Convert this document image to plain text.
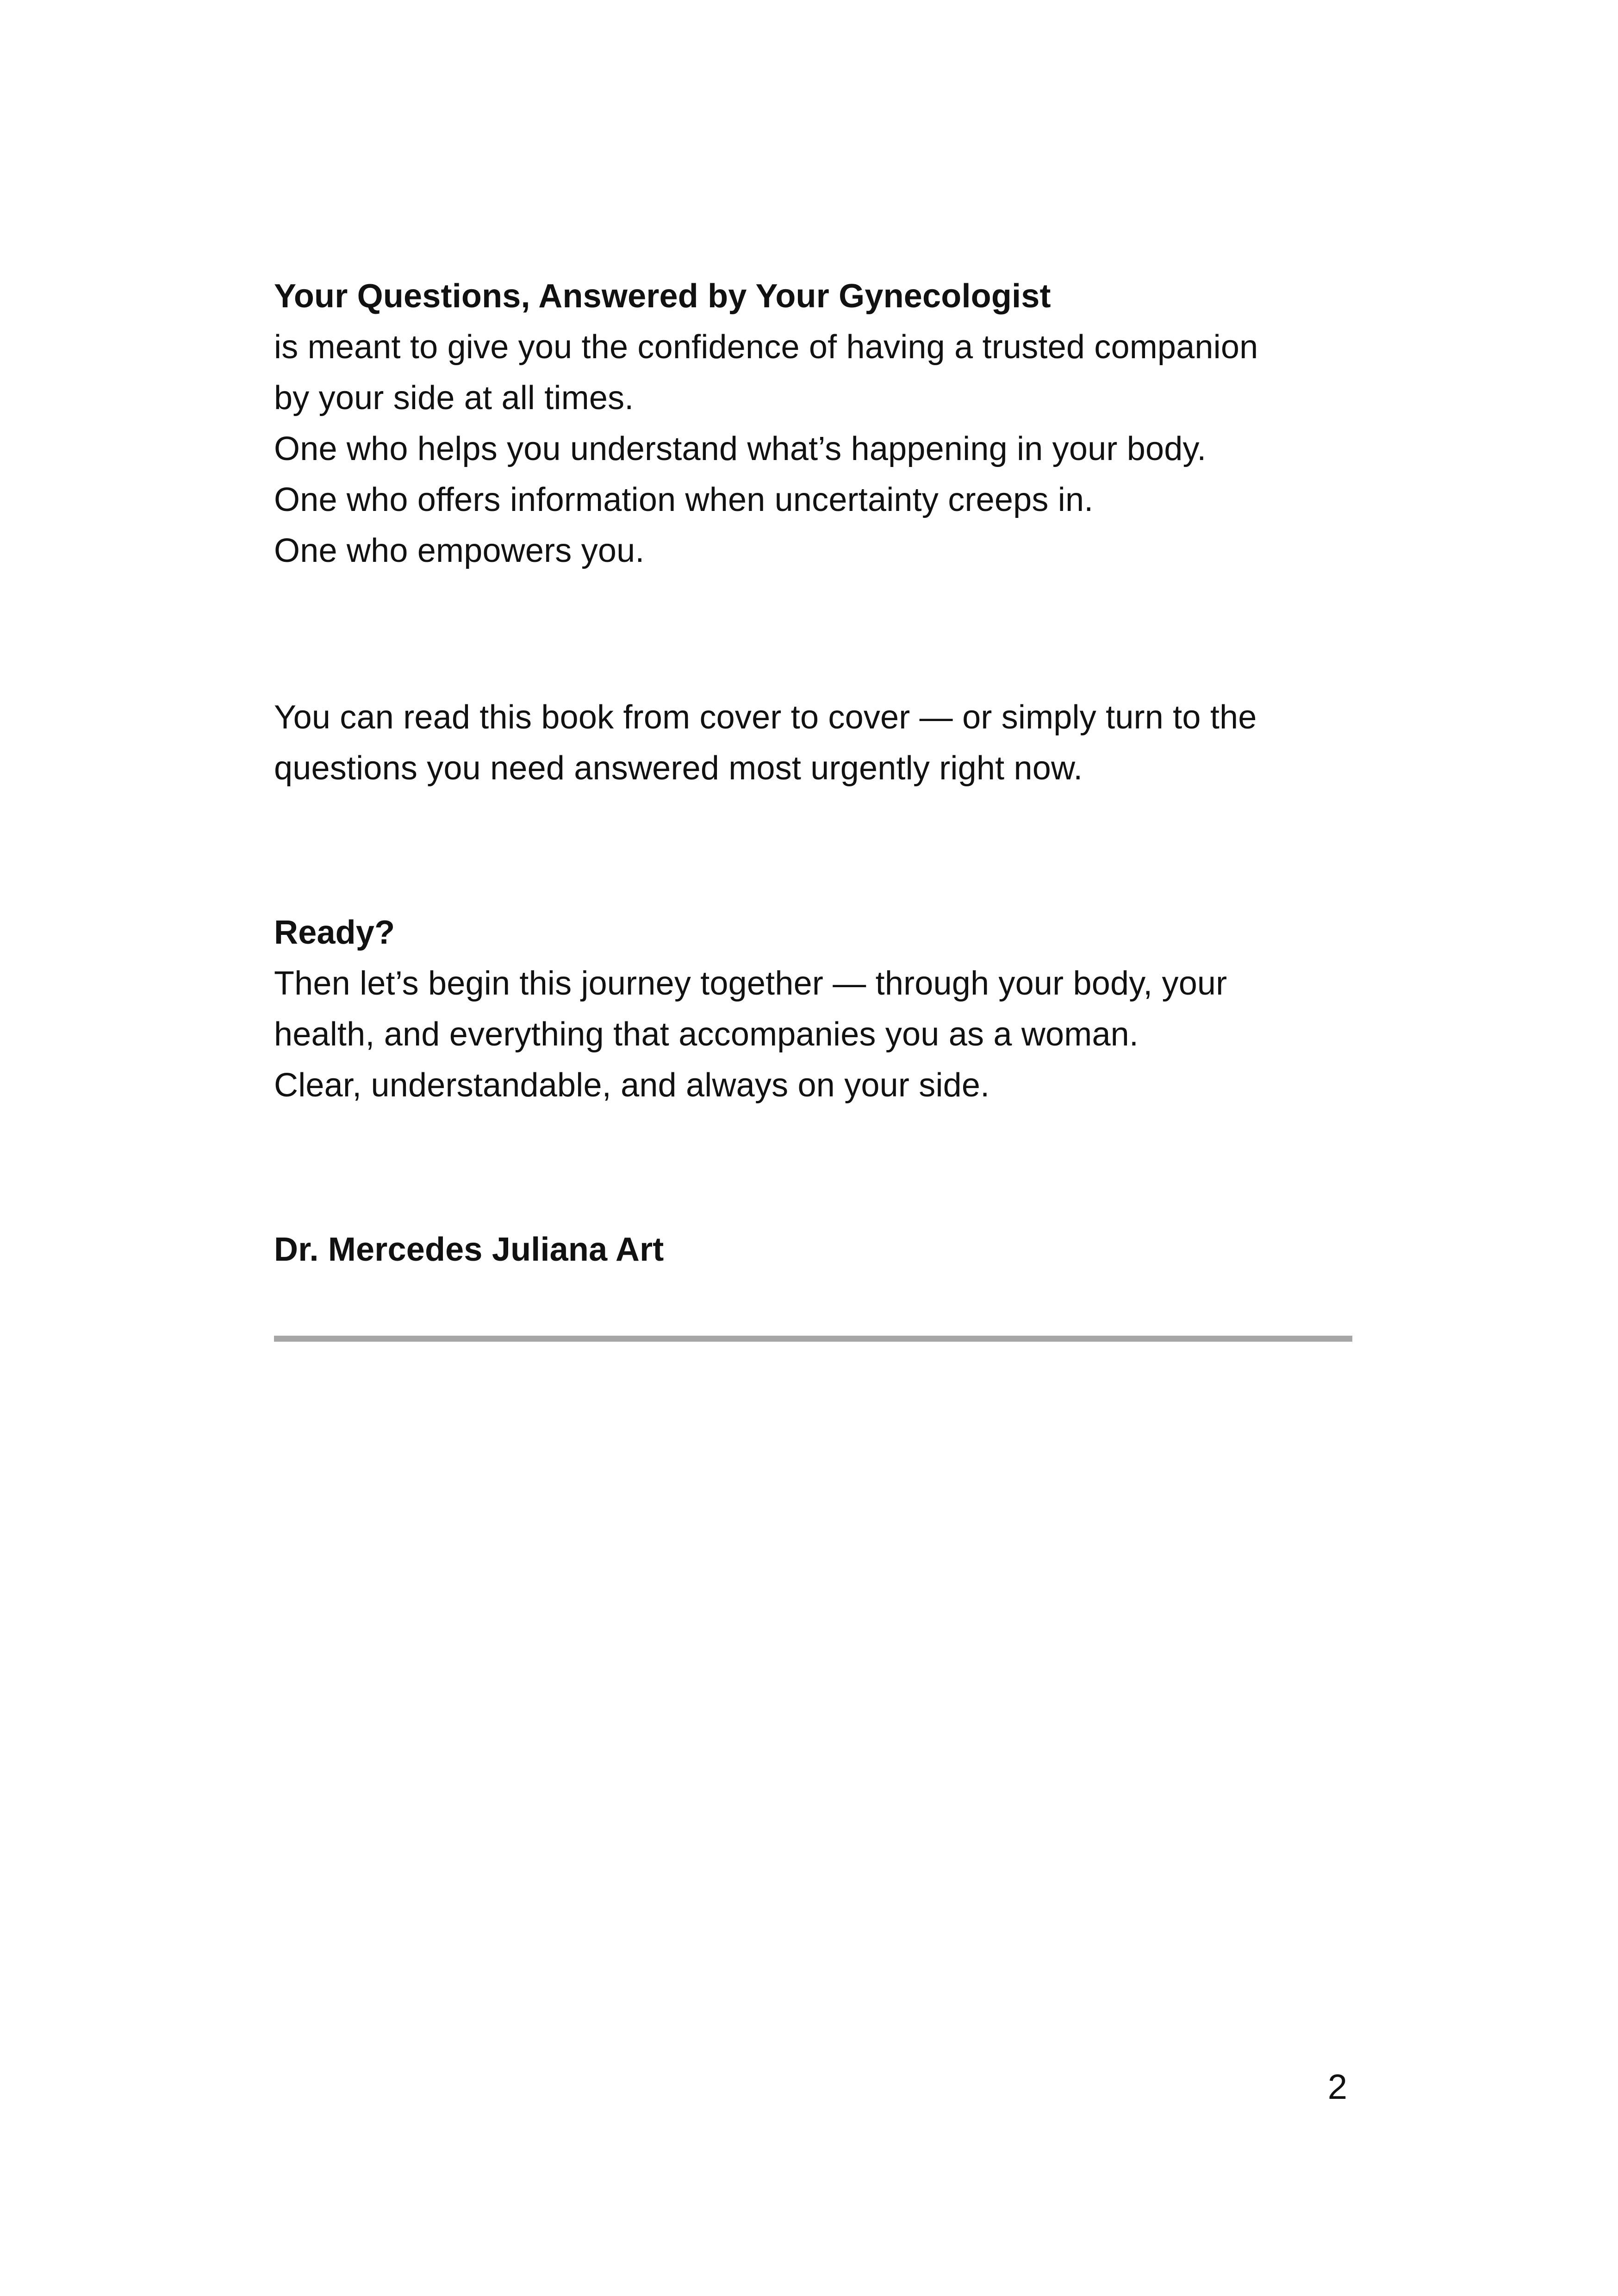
Your Questions, Answered by Your Gynecologist
is meant to give you the confidence of having a trusted companion
by your side at all times.
One who helps you understand what’s happening in your body.
One who offers information when uncertainty creeps in.
One who empowers you.
You can read this book from cover to cover — or simply turn to the
questions you need answered most urgently right now.
Ready?
Then let’s begin this journey together — through your body, your
health, and everything that accompanies you as a woman.
Clear, understandable, and always on your side.
Dr. Mercedes Juliana Art
2
